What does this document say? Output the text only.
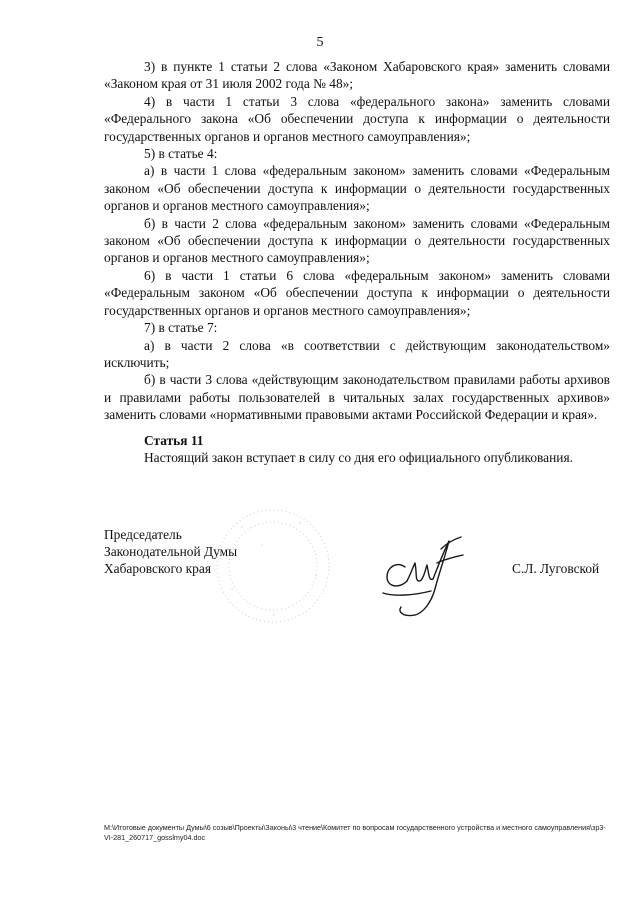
5

3) в пункте 1 статьи 2 слова «Законом Хабаровского края» заменить словами «Законом края от 31 июля 2002 года № 48»;

4) в части 1 статьи 3 слова «федерального закона» заменить словами «Федерального закона «Об обеспечении доступа к информации о деятельности государственных органов и органов местного самоуправления»;

5) в статье 4:

а) в части 1 слова «федеральным законом» заменить словами «Федеральным законом «Об обеспечении доступа к информации о деятельности государственных органов и органов местного самоуправления»;

б) в части 2 слова «федеральным законом» заменить словами «Федеральным законом «Об обеспечении доступа к информации о деятельности государственных органов и органов местного самоуправления»;

6) в части 1 статьи 6 слова «федеральным законом» заменить словами «Федеральным законом «Об обеспечении доступа к информации о деятельности государственных органов и органов местного самоуправления»;

7) в статье 7:

а) в части 2 слова «в соответствии с действующим законодательством» исключить;

б) в части 3 слова «действующим законодательством правилами работы архивов и правилами работы пользователей в читальных залах государственных архивов» заменить словами «нормативными правовыми актами Российской Федерации и края».

Статья 11

Настоящий закон вступает в силу со дня его официального опубликования.

Председатель
Законодательной Думы
Хабаровского края	С.Л. Луговской
M:\Итоговые документы Думы\6 созыв\Проекты\Законы\3 чтение\Комитет по вопросам государственного устройства и местного самоуправления\зр3- VI-281_260717_gosslmy04.doc
